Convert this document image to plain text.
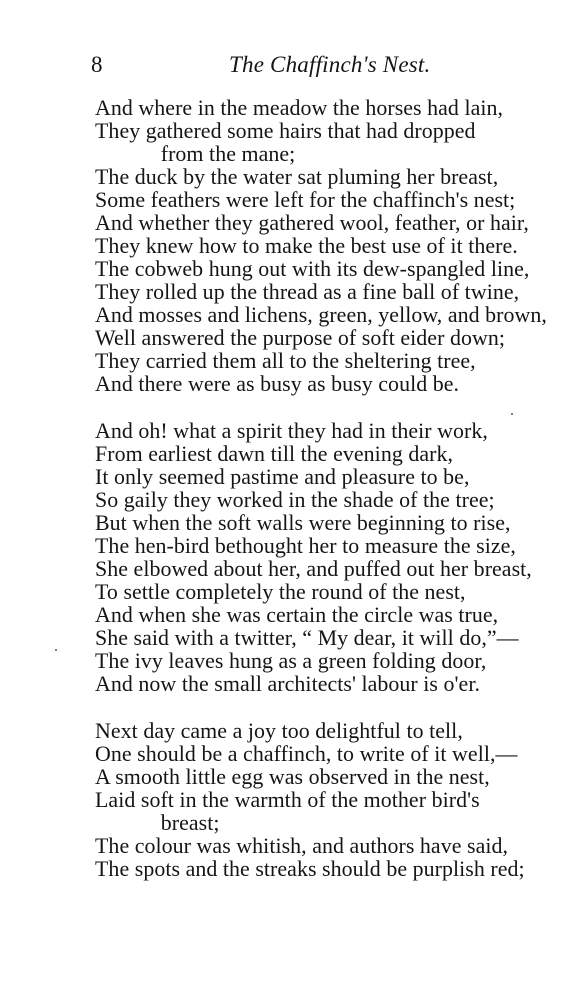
8	The Chaffinch's Nest.
And where in the meadow the horses had lain,
They gathered some hairs that had dropped
from the mane;
The duck by the water sat pluming her breast,
Some feathers were left for the chaffinch's nest;
And whether they gathered wool, feather, or hair,
They knew how to make the best use of it there.
The cobweb hung out with its dew-spangled line,
They rolled up the thread as a fine ball of twine,
And mosses and lichens, green, yellow, and brown,
Well answered the purpose of soft eider down;
They carried them all to the sheltering tree,
And there were as busy as busy could be.
And oh! what a spirit they had in their work,
From earliest dawn till the evening dark,
It only seemed pastime and pleasure to be,
So gaily they worked in the shade of the tree;
But when the soft walls were beginning to rise,
The hen-bird bethought her to measure the size,
She elbowed about her, and puffed out her breast,
To settle completely the round of the nest,
And when she was certain the circle was true,
She said with a twitter, “ My dear, it will do,”—
The ivy leaves hung as a green folding door,
And now the small architects' labour is o'er.
Next day came a joy too delightful to tell,
One should be a chaffinch, to write of it well,—
A smooth little egg was observed in the nest,
Laid soft in the warmth of the mother bird's
breast;
The colour was whitish, and authors have said,
The spots and the streaks should be purplish red;
